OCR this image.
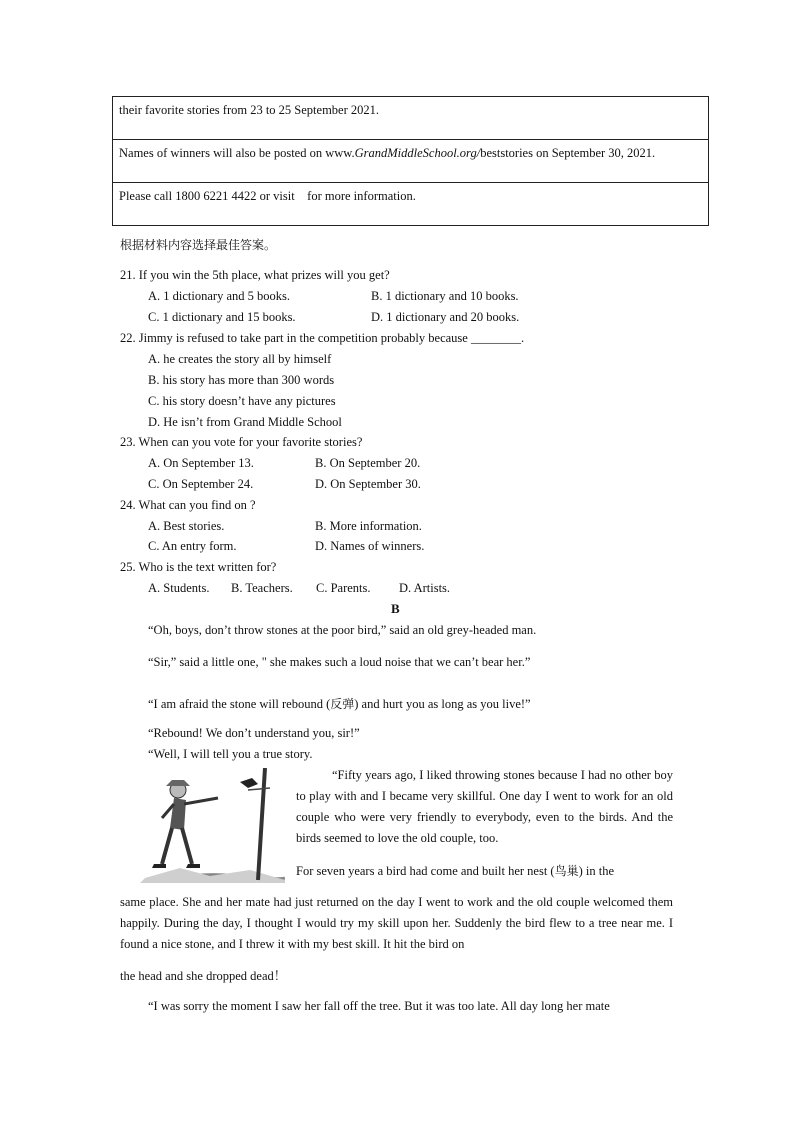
their favorite stories from 23 to 25 September 2021.
Names of winners will also be posted on www.GrandMiddleSchool.org/beststories on September 30, 2021.
Please call 1800 6221 4422 or visit for more information.
根据材料内容选择最佳答案。
21. If you win the 5th place, what prizes will you get?
A. 1 dictionary and 5 books.	B. 1 dictionary and 10 books.
C. 1 dictionary and 15 books.	D. 1 dictionary and 20 books.
22. Jimmy is refused to take part in the competition probably because ________.
A. he creates the story all by himself
B. his story has more than 300 words
C. his story doesn’t have any pictures
D. He isn’t from Grand Middle School
23. When can you vote for your favorite stories?
A. On September 13.	B. On September 20.
C. On September 24.	D. On September 30.
24. What can you find on ?
A. Best stories.	B. More information.
C. An entry form.	D. Names of winners.
25. Who is the text written for?
A. Students. B. Teachers. C. Parents. D. Artists.
B
“Oh, boys, don’t throw stones at the poor bird,” said an old grey-headed man.
“Sir,” said a little one, " she makes such a loud noise that we can’t bear her.”
“I am afraid the stone will rebound (反弹) and hurt you as long as you live!”
“Rebound! We don’t understand you, sir!”
“Well, I will tell you a true story.
“Fifty years ago, I liked throwing stones because I had no other boy to play with and I became very skillful. One day I went to work for an old couple who were very friendly to everybody, even to the birds. And the birds seemed to love the old couple, too.
For seven years a bird had come and built her nest (鸟巢) in the
same place. She and her mate had just returned on the day I went to work and the old couple welcomed them happily. During the day, I thought I would try my skill upon her. Suddenly the bird flew to a tree near me. I found a nice stone, and I threw it with my best skill. It hit the bird on
the head and she dropped dead！
“I was sorry the moment I saw her fall off the tree. But it was too late. All day long her mate
